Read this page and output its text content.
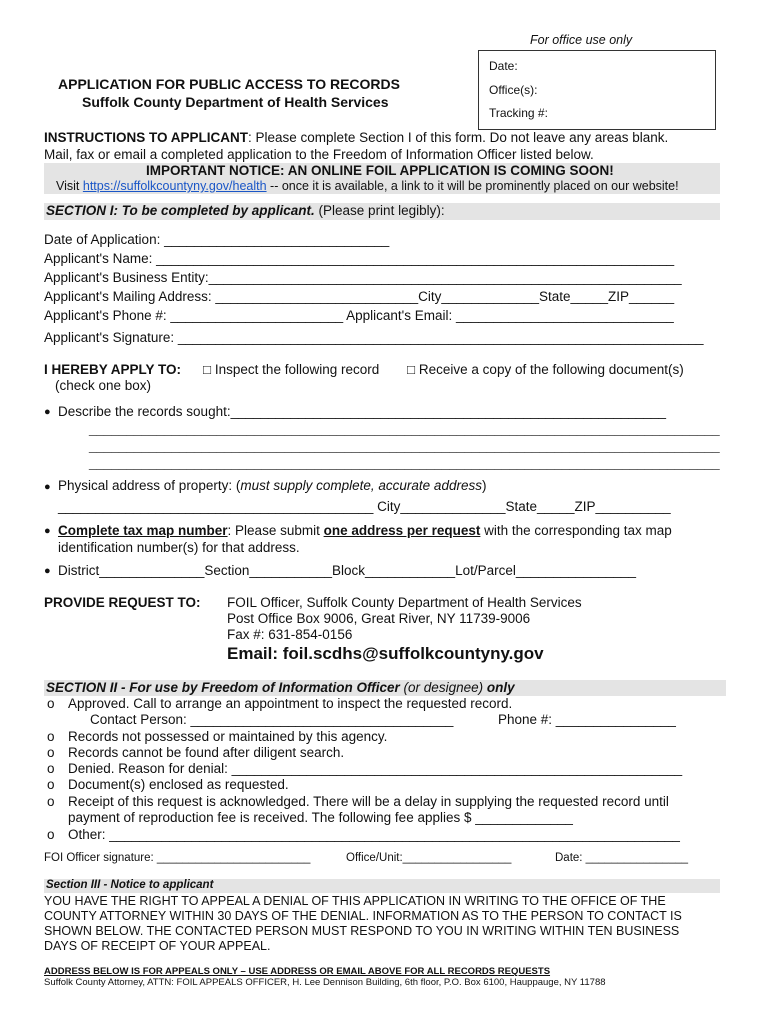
For office use only
Date:
Office(s):
Tracking #:
APPLICATION FOR PUBLIC ACCESS TO RECORDS
Suffolk County Department of Health Services
INSTRUCTIONS TO APPLICANT: Please complete Section I of this form. Do not leave any areas blank.
Mail, fax or email a completed application to the Freedom of Information Officer listed below.
IMPORTANT NOTICE: AN ONLINE FOIL APPLICATION IS COMING SOON!
Visit https://suffolkcountyny.gov/health -- once it is available, a link to it will be prominently placed on our website!
SECTION I: To be completed by applicant. (Please print legibly):
Date of Application: ______________________________
Applicant's Name: _____________________________________________________________________
Applicant's Business Entity:_______________________________________________________________
Applicant's Mailing Address: ___________________________City_____________State_____ZIP______
Applicant's Phone #: _______________________ Applicant's Email: _____________________________
Applicant's Signature: ______________________________________________________________________
I HEREBY APPLY TO:
(check one box)
□ Inspect the following record □ Receive a copy of the following document(s)
● Describe the records sought:__________________________________________________________
____________________________________________________________________________________
____________________________________________________________________________________
____________________________________________________________________________________
● Physical address of property: (must supply complete, accurate address)
__________________________________________ City______________State_____ZIP__________
● Complete tax map number: Please submit one address per request with the corresponding tax map
identification number(s) for that address.
● District______________Section___________Block____________Lot/Parcel________________
PROVIDE REQUEST TO: FOIL Officer, Suffolk County Department of Health Services
Post Office Box 9006, Great River, NY 11739-9006
Fax #: 631-854-0156
Email: foil.scdhs@suffolkcountyny.gov
SECTION II - For use by Freedom of Information Officer (or designee) only
o Approved. Call to arrange an appointment to inspect the requested record.
Contact Person: ___________________________________	Phone #: ________________
o Records not possessed or maintained by this agency.
o Records cannot be found after diligent search.
o Denied. Reason for denial: ____________________________________________________________
o Document(s) enclosed as requested.
o Receipt of this request is acknowledged. There will be a delay in supplying the requested record until
payment of reproduction fee is received. The following fee applies $ _____________
o Other: ____________________________________________________________________________
FOI Officer signature: ________________________	Office/Unit:_________________	Date: ________________
Section III - Notice to applicant
YOU HAVE THE RIGHT TO APPEAL A DENIAL OF THIS APPLICATION IN WRITING TO THE OFFICE OF THE
COUNTY ATTORNEY WITHIN 30 DAYS OF THE DENIAL. INFORMATION AS TO THE PERSON TO CONTACT IS
SHOWN BELOW. THE CONTACTED PERSON MUST RESPOND TO YOU IN WRITING WITHIN TEN BUSINESS
DAYS OF RECEIPT OF YOUR APPEAL.
ADDRESS BELOW IS FOR APPEALS ONLY – USE ADDRESS OR EMAIL ABOVE FOR ALL RECORDS REQUESTS
Suffolk County Attorney, ATTN: FOIL APPEALS OFFICER, H. Lee Dennison Building, 6th floor, P.O. Box 6100, Hauppauge, NY 11788
